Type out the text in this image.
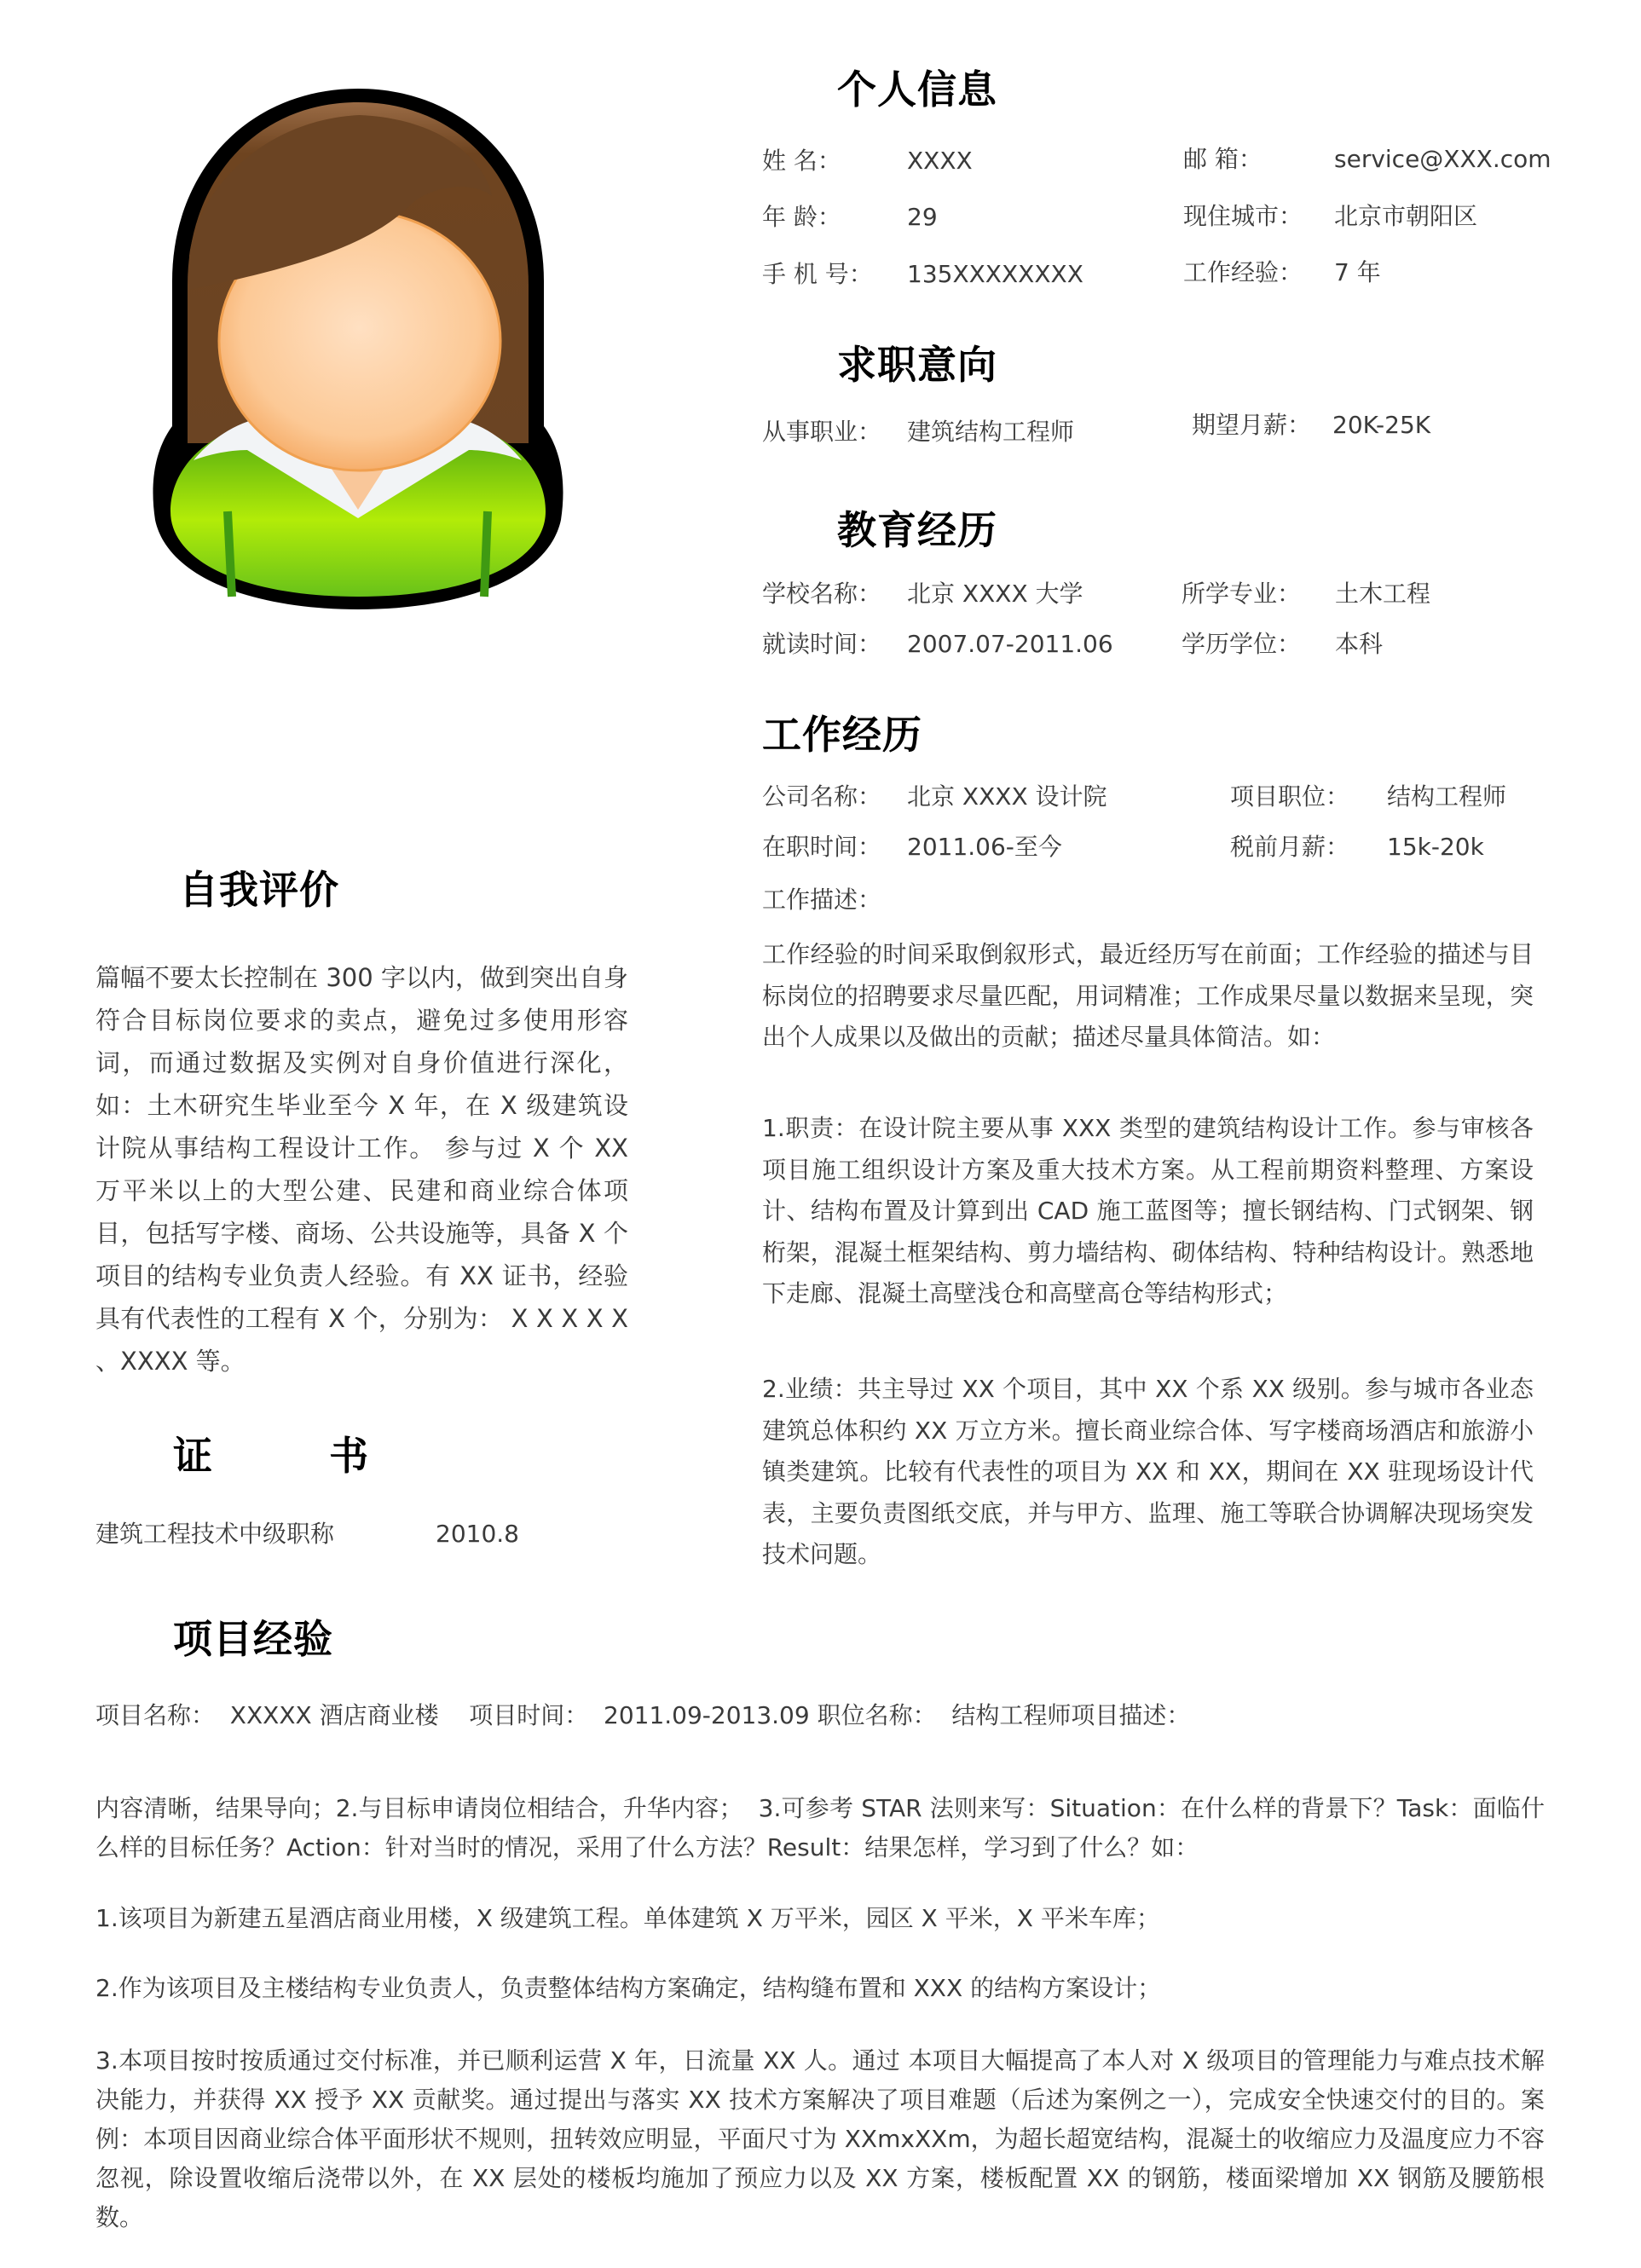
个人信息
姓 名：	XXXX	邮 箱：	service@XXX.com
年 龄：	29	现住城市： 北京市朝阳区
手 机 号： 135XXXXXXXX	工作经验： 7 年
求职意向
从事职业： 建筑结构工程师	期望月薪： 20K-25K
教育经历
学校名称： 北京 XXXX 大学	所学专业： 土木工程
就读时间： 2007.07-2011.06	学历学位： 本科
工作经历
公司名称： 北京 XXXX 设计院	项目职位： 结构工程师
在职时间： 2011.06-至今	税前月薪： 15k-20k
工作描述：
工作经验的时间采取倒叙形式，最近经历写在前面；工作经验的描述与目标岗位的招聘要求尽量匹配，用词精准；工作成果尽量以数据来呈现，突出个人成果以及做出的贡献；描述尽量具体简洁。如：
1.职责：在设计院主要从事 XXX 类型的建筑结构设计工作。参与审核各项目施工组织设计方案及重大技术方案。从工程前期资料整理、方案设计、结构布置及计算到出 CAD 施工蓝图等；擅长钢结构、门式钢架、钢桁架，混凝土框架结构、剪力墙结构、砌体结构、特种结构设计。熟悉地下走廊、混凝土高壁浅仓和高壁高仓等结构形式；
2.业绩：共主导过 XX 个项目，其中 XX 个系 XX 级别。参与城市各业态建筑总体积约 XX 万立方米。擅长商业综合体、写字楼商场酒店和旅游小镇类建筑。比较有代表性的项目为 XX 和 XX，期间在 XX 驻现场设计代表，主要负责图纸交底，并与甲方、监理、施工等联合协调解决现场突发技术问题。
自我评价
篇幅不要太长控制在 300 字以内，做到突出自身符合目标岗位要求的卖点，避免过多使用形容词，而通过数据及实例对自身价值进行深化，如：土木研究生毕业至今 X 年，在 X 级建筑设计院从事结构工程设计工作。 参与过 X 个 XX 万平米以上的大型公建、民建和商业综合体项目，包括写字楼、商场、公共设施等，具备 X 个项目的结构专业负责人经验。有 XX 证书，经验具有代表性的工程有 X 个，分别为： X X X X X 、XXXX 等。
证        书
建筑工程技术中级职称	2010.8
项目经验
项目名称：  XXXXX 酒店商业楼    项目时间：  2011.09-2013.09 职位名称：  结构工程师项目描述：
内容清晰，结果导向；2.与目标申请岗位相结合，升华内容；  3.可参考 STAR 法则来写：Situation：在什么样的背景下？Task：面临什么样的目标任务？Action：针对当时的情况，采用了什么方法？Result：结果怎样，学习到了什么？如：
1.该项目为新建五星酒店商业用楼，X 级建筑工程。单体建筑 X 万平米，园区 X 平米，X 平米车库；
2.作为该项目及主楼结构专业负责人，负责整体结构方案确定，结构缝布置和 XXX 的结构方案设计；
3.本项目按时按质通过交付标准，并已顺利运营 X 年，日流量 XX 人。通过 本项目大幅提高了本人对 X 级项目的管理能力与难点技术解决能力，并获得 XX 授予 XX 贡献奖。通过提出与落实 XX 技术方案解决了项目难题（后述为案例之一），完成安全快速交付的目的。案例：本项目因商业综合体平面形状不规则，扭转效应明显，平面尺寸为 XXmxXXm，为超长超宽结构，混凝土的收缩应力及温度应力不容忽视，除设置收缩后浇带以外，在 XX 层处的楼板均施加了预应力以及 XX 方案，楼板配置 XX 的钢筋，楼面梁增加 XX 钢筋及腰筋根数。
